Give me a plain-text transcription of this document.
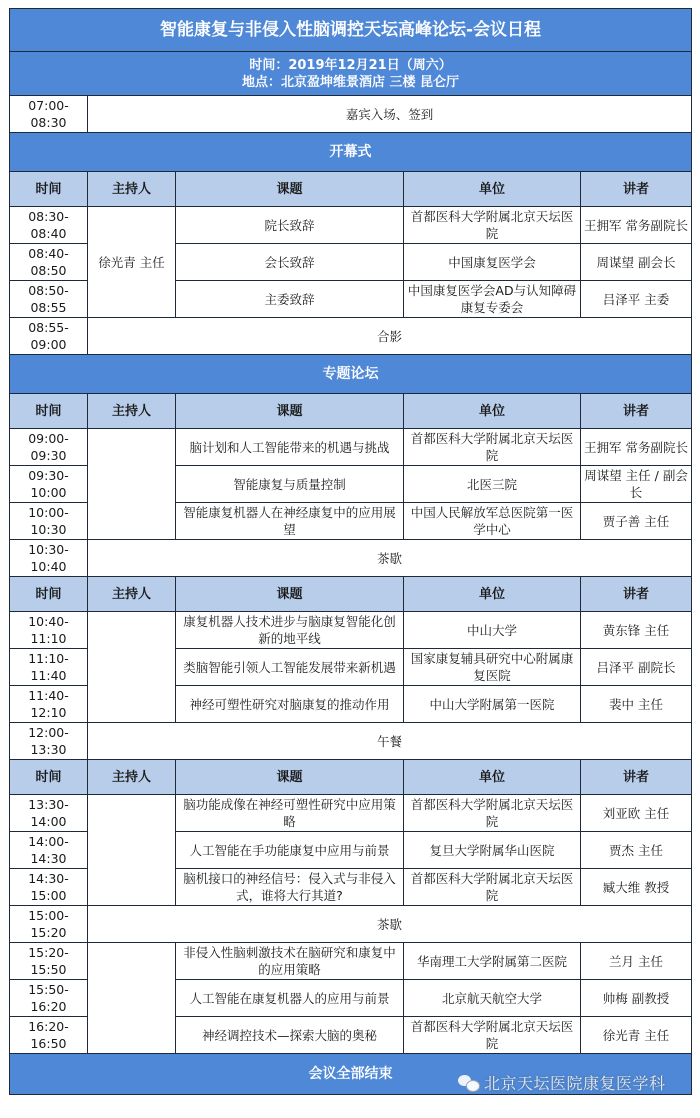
智能康复与非侵入性脑调控天坛高峰论坛-会议日程				

时间：2019年12月21日（周六）
地点：北京盈坤维景酒店 三楼 昆仑厅				

07:00-08:30	嘉宾入场、签到			
开幕式				
时间	主持人	课题	单位	讲者
08:30-08:40	徐光青 主任	院长致辞	首都医科大学附属北京天坛医院	王拥军 常务副院长
08:40-08:50		会长致辞	中国康复医学会	周谋望 副会长
08:50-08:55		主委致辞	中国康复医学会AD与认知障碍康复专委会	吕泽平 主委
08:55-09:00	合影			
专题论坛				
时间	主持人	课题	单位	讲者
09:00-09:30		脑计划和人工智能带来的机遇与挑战	首都医科大学附属北京天坛医院	王拥军 常务副院长
09:30-10:00		智能康复与质量控制	北医三院	周谋望 主任 / 副会长
10:00-10:30		智能康复机器人在神经康复中的应用展望	中国人民解放军总医院第一医学中心	贾子善 主任
10:30-10:40	茶歇			
时间	主持人	课题	单位	讲者
10:40-11:10		康复机器人技术进步与脑康复智能化创新的地平线	中山大学	黄东锋 主任
11:10-11:40		类脑智能引领人工智能发展带来新机遇	国家康复辅具研究中心附属康复医院	吕泽平 副院长
11:40-12:10		神经可塑性研究对脑康复的推动作用	中山大学附属第一医院	裴中 主任
12:00-13:30	午餐			
时间	主持人	课题	单位	讲者
13:30-14:00		脑功能成像在神经可塑性研究中应用策略	首都医科大学附属北京天坛医院	刘亚欧 主任
14:00-14:30		人工智能在手功能康复中应用与前景	复旦大学附属华山医院	贾杰 主任
14:30-15:00		脑机接口的神经信号：侵入式与非侵入式，谁将大行其道?	首都医科大学附属北京天坛医院	臧大维 教授
15:00-15:20	茶歇			
15:20-15:50		非侵入性脑刺激技术在脑研究和康复中的应用策略	华南理工大学附属第二医院	兰月 主任
15:50-16:20		人工智能在康复机器人的应用与前景	北京航天航空大学	帅梅 副教授
16:20-16:50		神经调控技术—探索大脑的奥秘	首都医科大学附属北京天坛医院	徐光青 主任
会议全部结束				
北京天坛医院康复医学科
